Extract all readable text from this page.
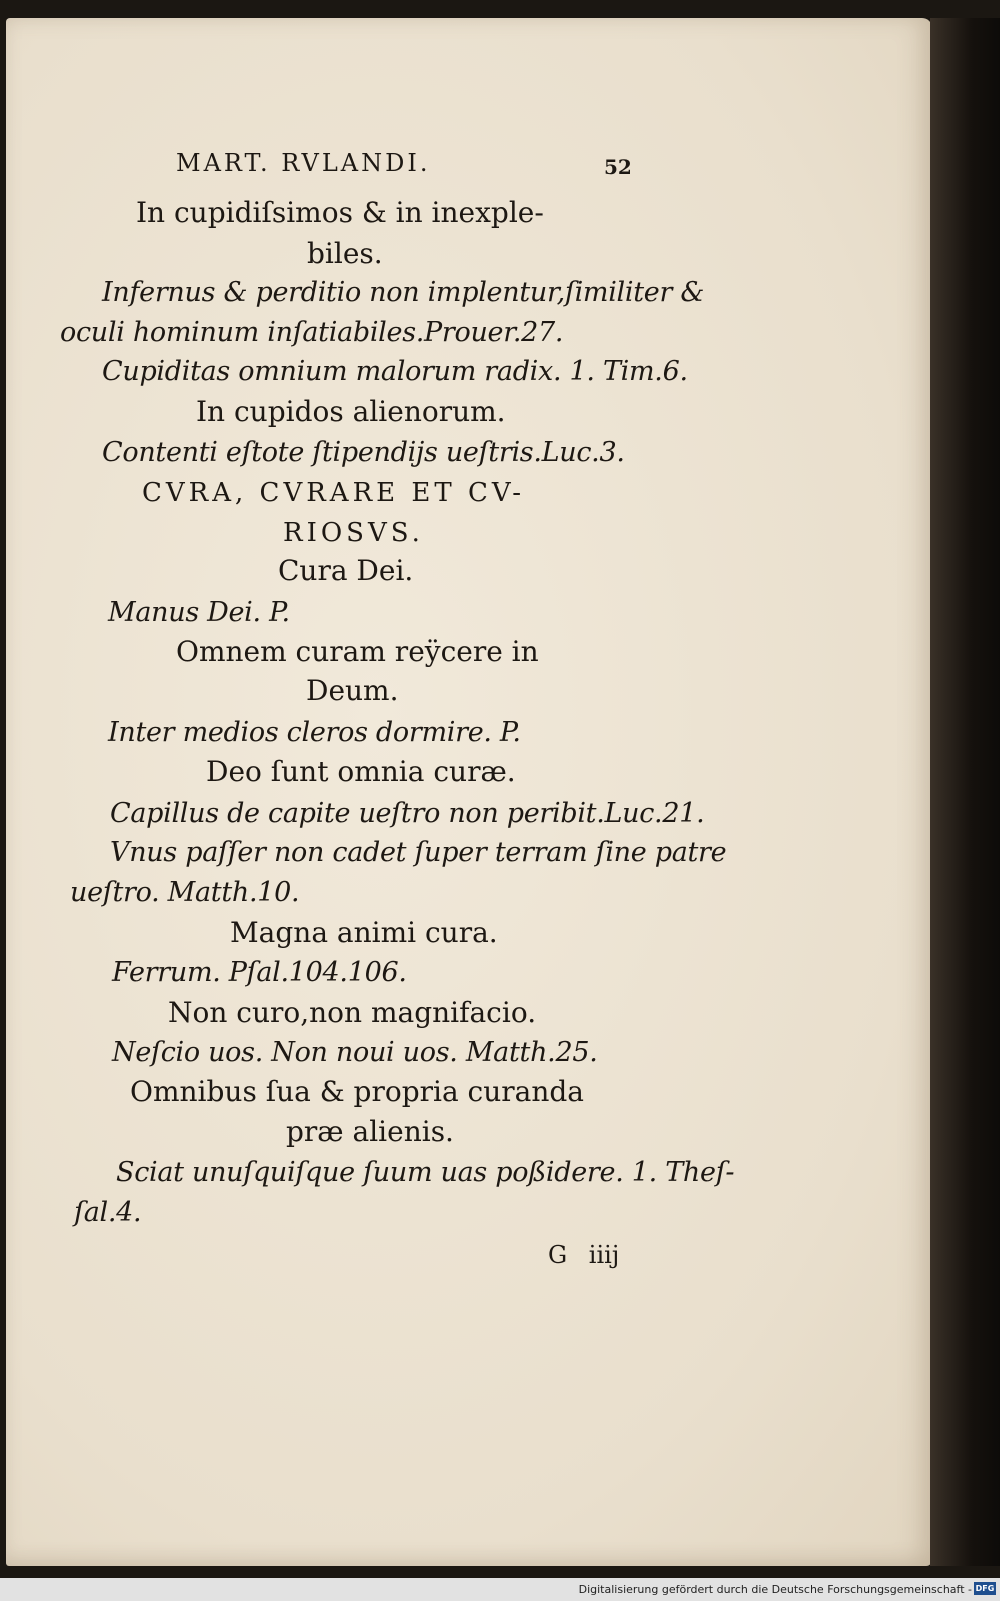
MART. RVLANDI.	52
In cupidiſsimos & in inexple-
biles.
Infernus & perditio non implentur,ſimiliter &
oculi hominum inſatiabiles.Prouer.27.
Cupiditas omnium malorum radix. 1. Tim.6.
In cupidos alienorum.
Contenti eſtote ſtipendijs ueſtris.Luc.3.
CVRA, CVRARE ET CV-
RIOSVS.
Cura Dei.
Manus Dei. P.
Omnem curam reÿcere in
Deum.
Inter medios cleros dormire. P.
Deo ſunt omnia curæ.
Capillus de capite ueſtro non peribit.Luc.21.
Vnus paſſer non cadet ſuper terram ſine patre
ueſtro. Matth.10.
Magna animi cura.
Ferrum. Pſal.104.106.
Non curo,non magnifacio.
Neſcio uos. Non noui uos. Matth.25.
Omnibus ſua & propria curanda
præ alienis.
Sciat unuſquiſque ſuum uas poßidere. 1. Theſ-
ſal.4.
G iiij
Digitalisierung gefördert durch die Deutsche Forschungsgemeinschaft - DFG
